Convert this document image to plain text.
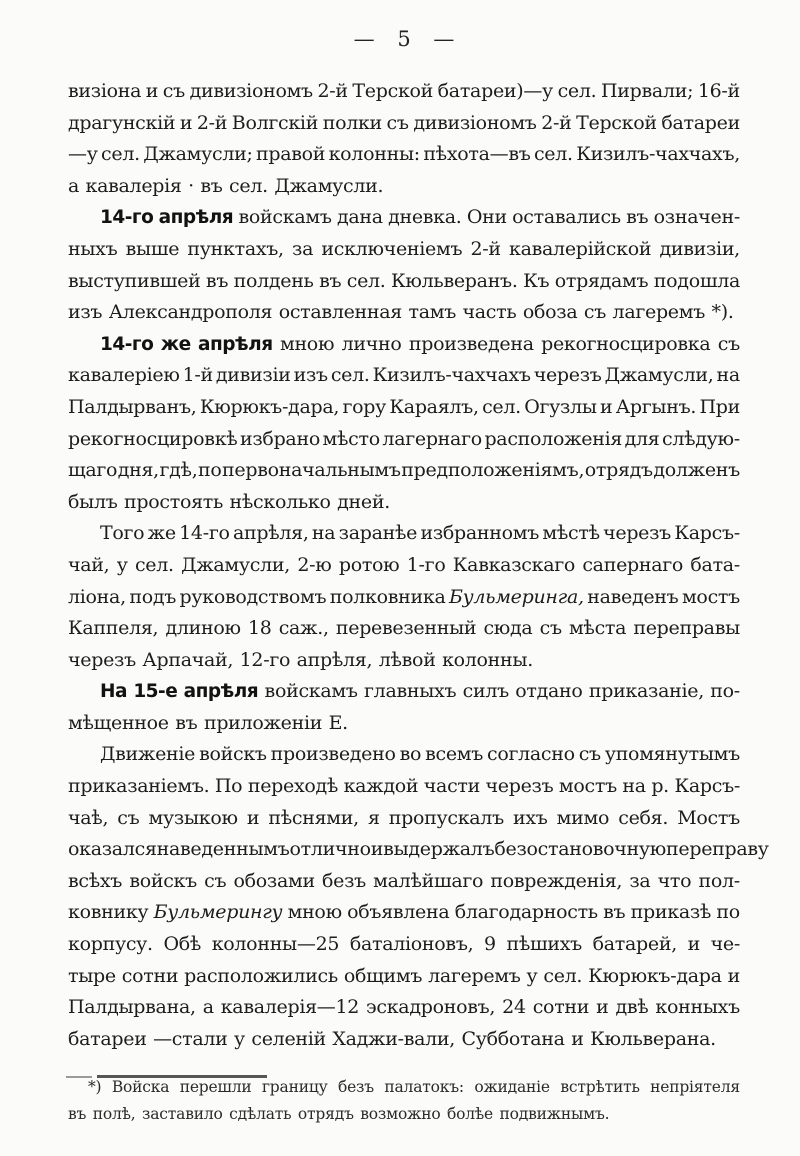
— 5 —
визіона и съ дивизіономъ 2-й Терской батареи)—у сел. Пирвали; 16-й
драгунскій и 2-й Волгскій полки съ дивизіономъ 2-й Терской батареи
—у сел. Джамусли; правой колонны: пѣхота—въ сел. Кизилъ-чахчахъ,
а кавалерія · въ сел. Джамусли.
14-го апрѣля войскамъ дана дневка. Они оставались въ означен-
ныхъ выше пунктахъ, за исключеніемъ 2-й кавалерійской дивизіи,
выступившей въ полдень въ сел. Кюльверанъ. Къ отрядамъ подошла
изъ Александрополя оставленная тамъ часть обоза съ лагеремъ *).
14-го же апрѣля мною лично произведена рекогносцировка съ
кавалеріею 1-й дивизіи изъ сел. Кизилъ-чахчахъ черезъ Джамусли, на
Палдырванъ, Кюрюкъ-дара, гору Караялъ, сел. Огузлы и Аргынъ. При
рекогносцировкѣ избрано мѣсто лагернаго расположенія для слѣдую-
щаго дня, гдѣ, по первоначальнымъ предположеніямъ, отрядъ долженъ
былъ простоять нѣсколько дней.
Того же 14-го апрѣля, на заранѣе избранномъ мѣстѣ черезъ Карсъ-
чай, у сел. Джамусли, 2-ю ротою 1-го Кавказскаго сапернаго бата-
ліона, подъ руководствомъ полковника Бульмеринга, наведенъ мостъ
Каппеля, длиною 18 саж., перевезенный сюда съ мѣста переправы
черезъ Арпачай, 12-го апрѣля, лѣвой колонны.
На 15-е апрѣля войскамъ главныхъ силъ отдано приказаніе, по-
мѣщенное въ приложеніи Е.
Движеніе войскъ произведено во всемъ согласно съ упомянутымъ
приказаніемъ. По переходѣ каждой части черезъ мостъ на р. Карсъ-
чаѣ, съ музыкою и пѣснями, я пропускалъ ихъ мимо себя. Мостъ
оказался наведеннымъ отлично и выдержалъ безостановочную переправу
всѣхъ войскъ съ обозами безъ малѣйшаго поврежденія, за что пол-
ковнику Бульмерингу мною объявлена благодарность въ приказѣ по
корпусу. Обѣ колонны—25 баталіоновъ, 9 пѣшихъ батарей, и че-
тыре сотни расположились общимъ лагеремъ у сел. Кюрюкъ-дара и
Палдырвана, а кавалерія—12 эскадроновъ, 24 сотни и двѣ конныхъ
батареи —стали у селеній Хаджи-вали, Субботана и Кюльверана.
*) Войска перешли границу безъ палатокъ: ожиданіе встрѣтить непріятеля
въ полѣ, заставило сдѣлать отрядъ возможно болѣе подвижнымъ.
